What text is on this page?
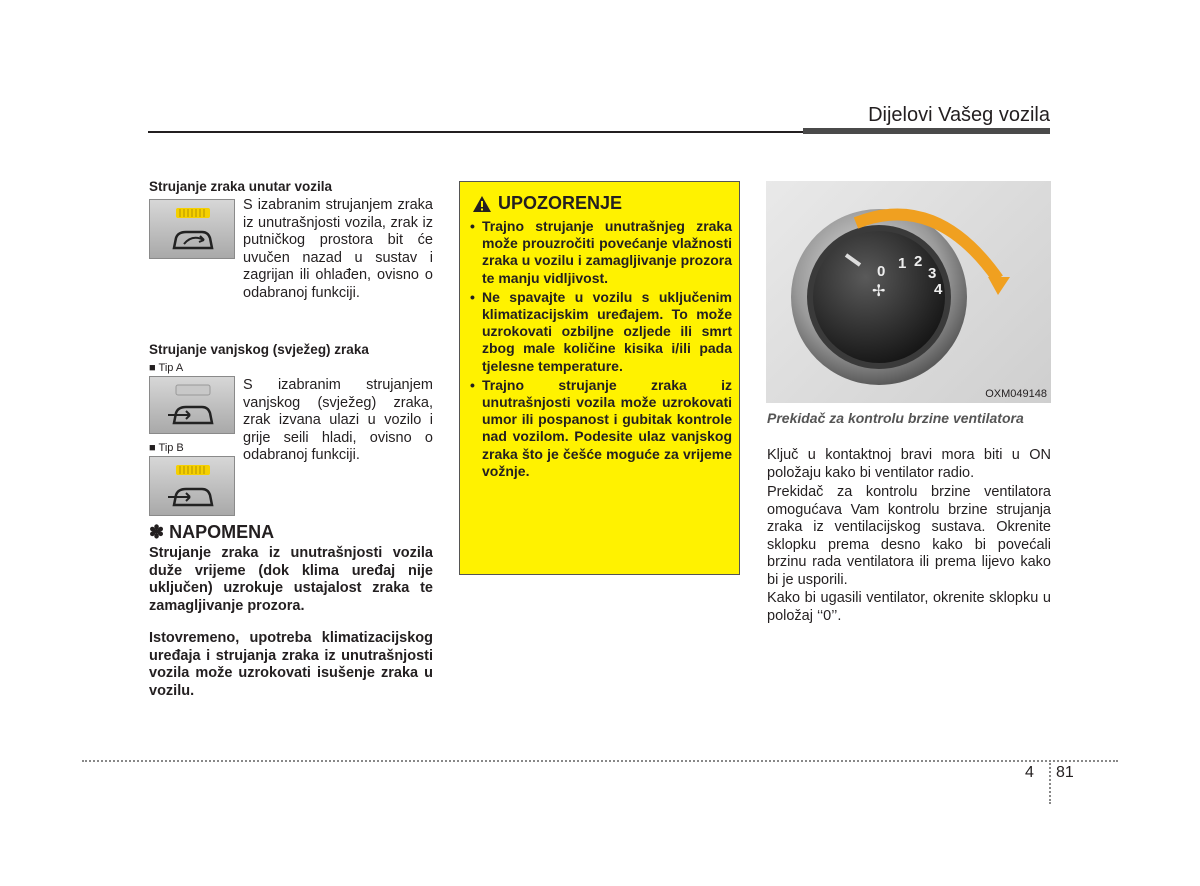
Dijelovi Vašeg vozila
Strujanje zraka unutar vozila
S izabranim strujanjem zraka iz unutrašnjosti vozila, zrak iz putničkog prostora bit će uvučen nazad u sustav i zagrijan ili ohlađen, ovisno o odabranoj funkciji.
Strujanje vanjskog (svježeg) zraka
■ Tip A
S izabranim strujanjem vanjskog (svježeg) zraka, zrak izvana ulazi u vozilo i grije seili hladi, ovisno o odabranoj funkciji.
■ Tip B
✽ NAPOMENA
Strujanje zraka iz unutrašnjosti vozila duže vrijeme (dok klima uređaj nije uključen) uzrokuje ustajalost zraka te zamagljivanje prozora.
Istovremeno, upotreba klimatizacijskog uređaja i strujanja zraka iz unutrašnjosti vozila može uzrokovati isušenje zraka u vozilu.
UPOZORENJE
• Trajno strujanje unutrašnjeg zraka može prouzročiti povećanje vlažnosti zraka u vozilu i zamagljivanje prozora te manju vidljivost.
• Ne spavajte u vozilu s uključenim klimatizacijskim uređajem. To može uzrokovati ozbiljne ozljede ili smrt zbog male količine kisika i/ili pada tjelesne temperature.
• Trajno strujanje zraka iz unutrašnjosti vozila može uzrokovati umor ili pospanost i gubitak kontrole nad vozilom. Podesite ulaz vanjskog zraka što je češće moguće za vrijeme vožnje.
0 1 2
3
4
✢
OXM049148
Prekidač za kontrolu brzine ventilatora
Ključ u kontaktnoj bravi mora biti u ON položaju kako bi ventilator radio.
Prekidač za kontrolu brzine ventilatora omogućava Vam kontrolu brzine strujanja zraka iz ventilacijskog sustava. Okrenite sklopku prema desno kako bi povećali brzinu rada ventilatora ili prema lijevo kako bi je usporili.
Kako bi ugasili ventilator, okrenite sklopku u položaj ‘‘0’’.
4 81
